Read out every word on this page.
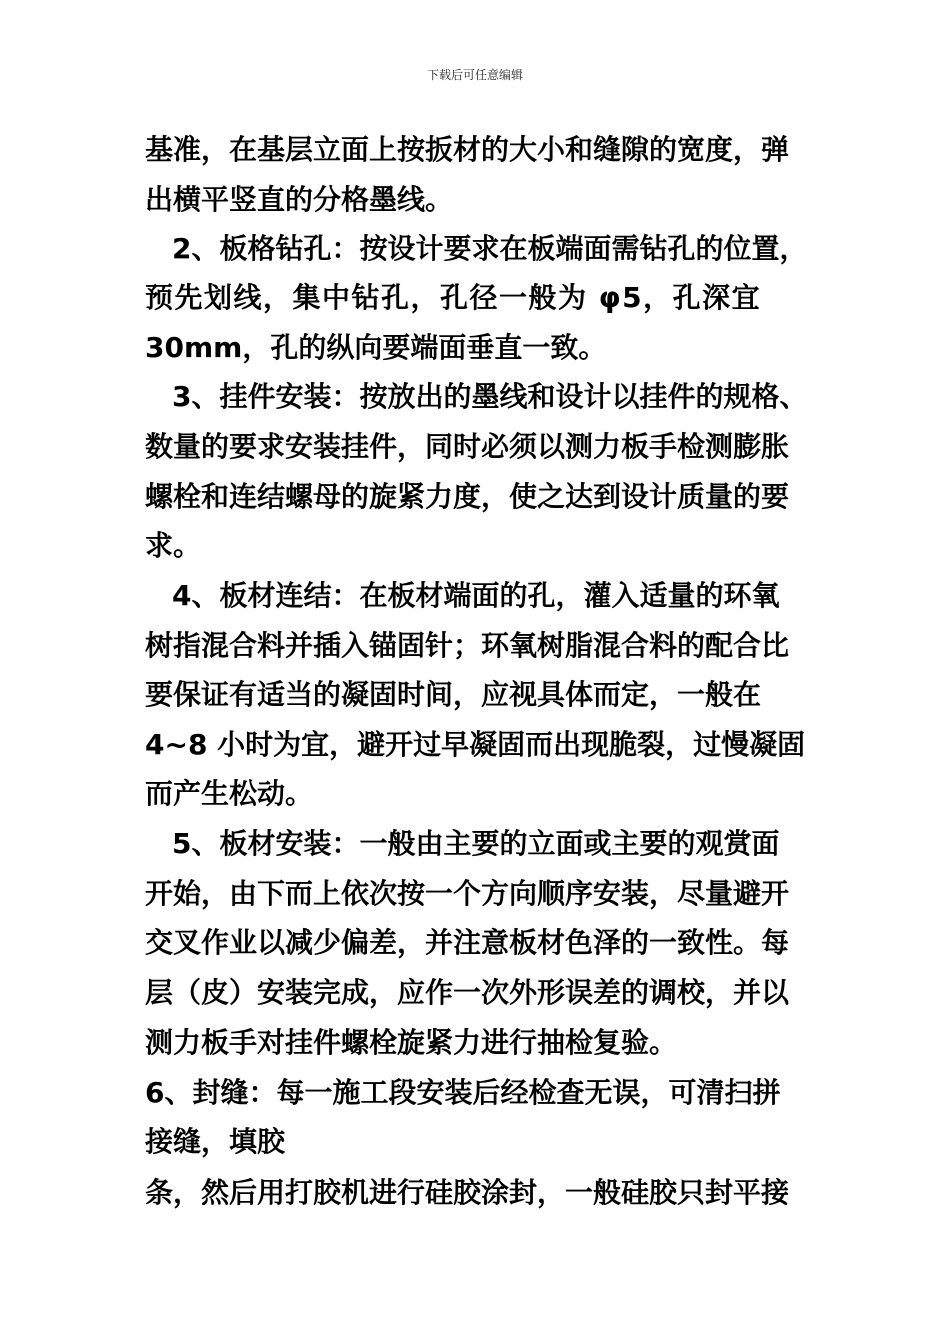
下载后可任意编辑
基准，在基层立面上按扳材的大小和缝隙的宽度，弹
出横平竖直的分格墨线。
2、板格钻孔：按设计要求在板端面需钻孔的位置，
预先划线，集中钻孔，孔径一般为 φ5，孔深宜
30mm，孔的纵向要端面垂直一致。
3、挂件安装：按放出的墨线和设计以挂件的规格、
数量的要求安装挂件，同时必须以测力板手检测膨胀
螺栓和连结螺母的旋紧力度，使之达到设计质量的要
求。
4、板材连结：在板材端面的孔，灌入适量的环氧
树指混合料并插入锚固针；环氧树脂混合料的配合比
要保证有适当的凝固时间，应视具体而定，一般在
4~8 小时为宜，避开过早凝固而出现脆裂，过慢凝固
而产生松动。
5、板材安装：一般由主要的立面或主要的观赏面
开始，由下而上依次按一个方向顺序安装，尽量避开
交叉作业以减少偏差，并注意板材色泽的一致性。每
层（皮）安装完成，应作一次外形误差的调校，并以
测力板手对挂件螺栓旋紧力进行抽检复验。
6、封缝：每一施工段安装后经检查无误，可清扫拼
接缝，填胶
条，然后用打胶机进行硅胶涂封，一般硅胶只封平接
